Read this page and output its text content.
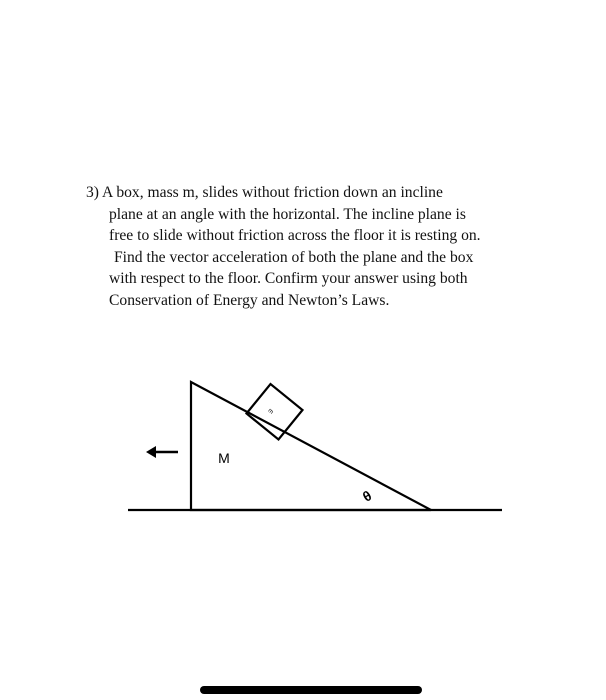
3) A box, mass m, slides without friction down an incline
plane at an angle with the horizontal. The incline plane is
free to slide without friction across the floor it is resting on.
Find the vector acceleration of both the plane and the box
with respect to the floor. Confirm your answer using both
Conservation of Energy and Newton’s Laws.
m
M
θ
